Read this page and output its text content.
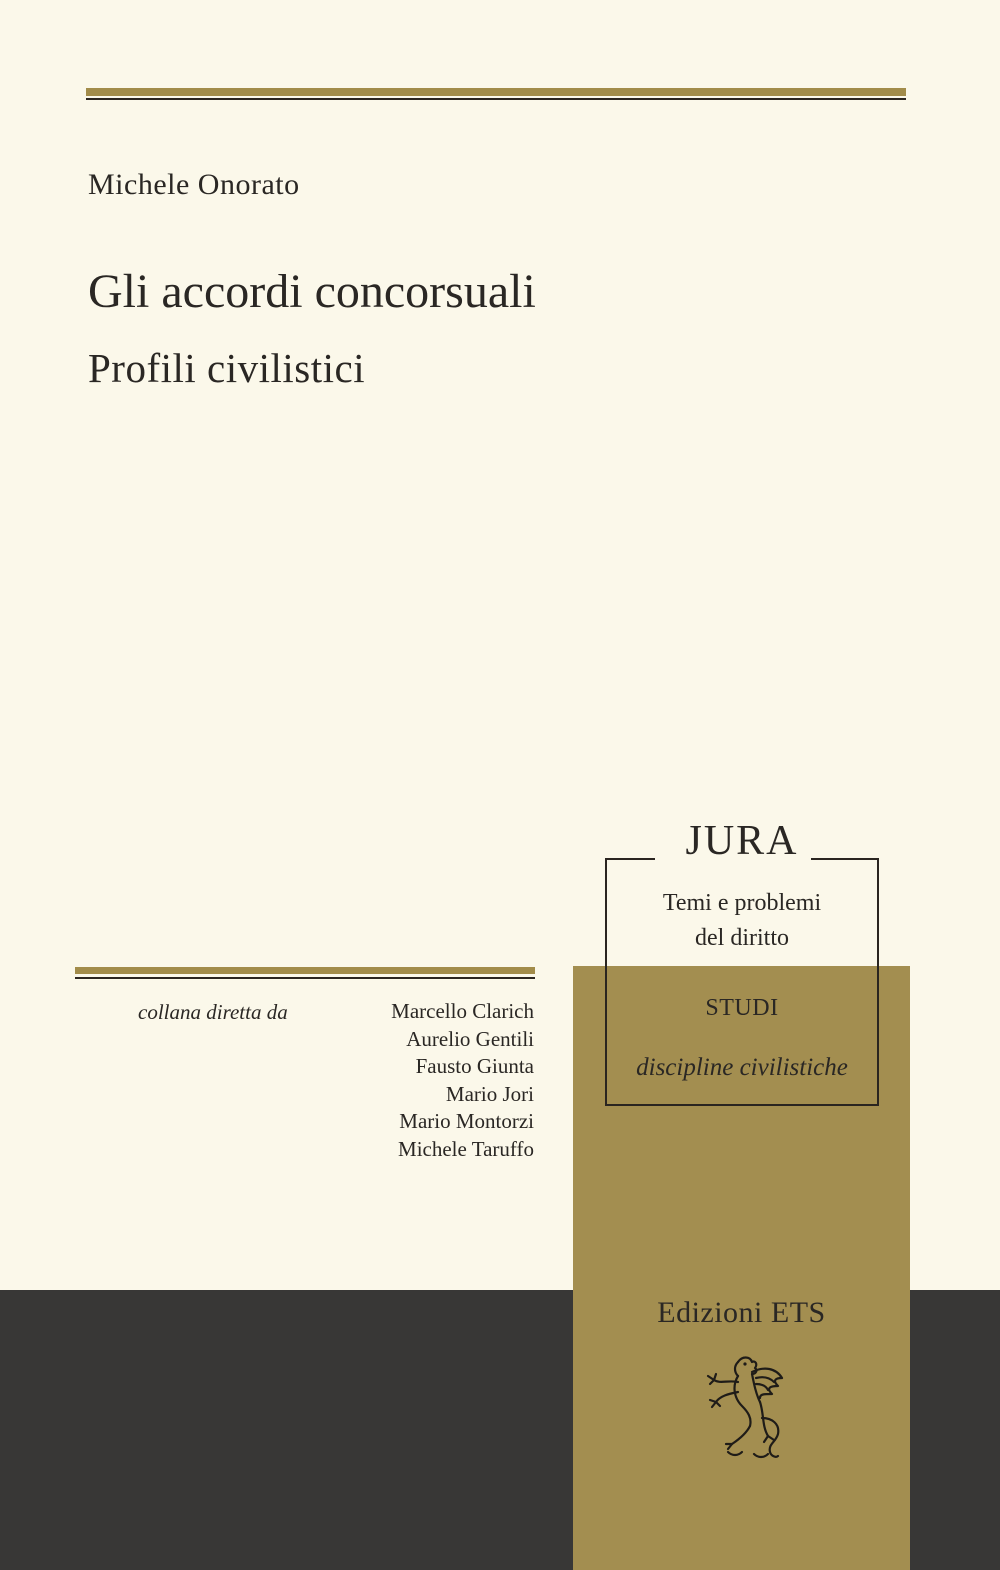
Michele Onorato
Gli accordi concorsuali
Profili civilistici
JURA
Temi e problemi
del diritto
STUDI
discipline civilistiche
collana diretta da	Marcello Clarich
Aurelio Gentili
Fausto Giunta
Mario Jori
Mario Montorzi
Michele Taruffo
Edizioni ETS
